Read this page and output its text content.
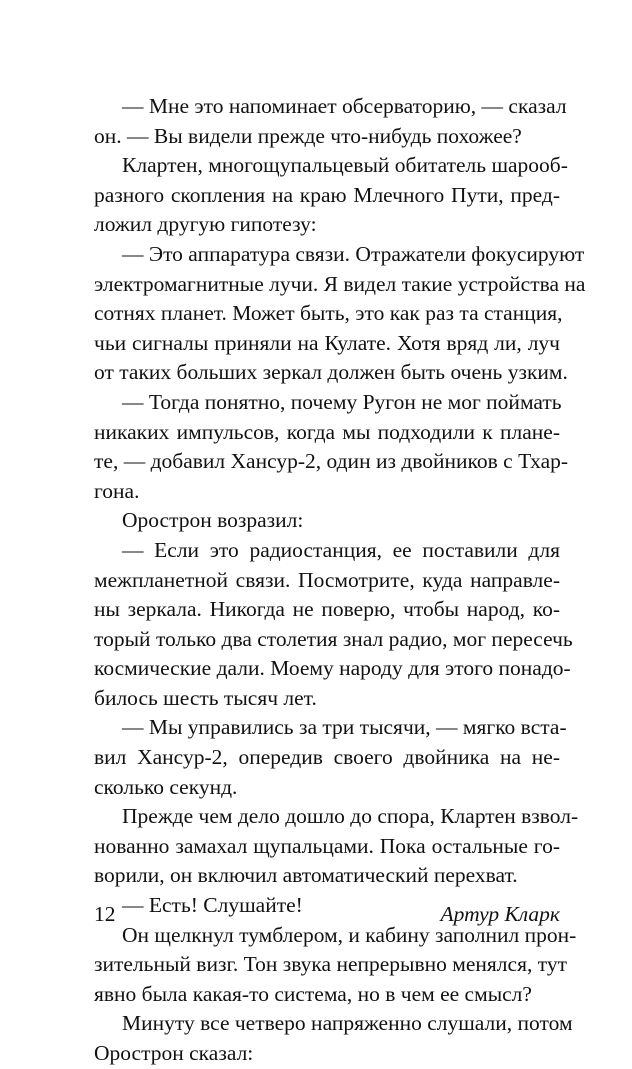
— Мне это напоминает обсерваторию, — сказал
он. — Вы видели прежде что-нибудь похожее?
Клартен, многощупальцевый обитатель шарооб-
разного скопления на краю Млечного Пути, пред-
ложил другую гипотезу:
— Это аппаратура связи. Отражатели фокусируют
электромагнитные лучи. Я видел такие устройства на
сотнях планет. Может быть, это как раз та станция,
чьи сигналы приняли на Кулате. Хотя вряд ли, луч
от таких больших зеркал должен быть очень узким.
— Тогда понятно, почему Ругон не мог поймать
никаких импульсов, когда мы подходили к плане-
те, — добавил Хансур-2, один из двойников с Тхар-
гона.
Орострон возразил:
— Если это радиостанция, ее поставили для
межпланетной связи. Посмотрите, куда направле-
ны зеркала. Никогда не поверю, чтобы народ, ко-
торый только два столетия знал радио, мог пересечь
космические дали. Моему народу для этого понадо-
билось шесть тысяч лет.
— Мы управились за три тысячи, — мягко вста-
вил Хансур-2, опередив своего двойника на не-
сколько секунд.
Прежде чем дело дошло до спора, Клартен взвол-
нованно замахал щупальцами. Пока остальные го-
ворили, он включил автоматический перехват.
— Есть! Слушайте!
Он щелкнул тумблером, и кабину заполнил прон-
зительный визг. Тон звука непрерывно менялся, тут
явно была какая-то система, но в чем ее смысл?
Минуту все четверо напряженно слушали, потом
Орострон сказал:
12	Артур Кларк
